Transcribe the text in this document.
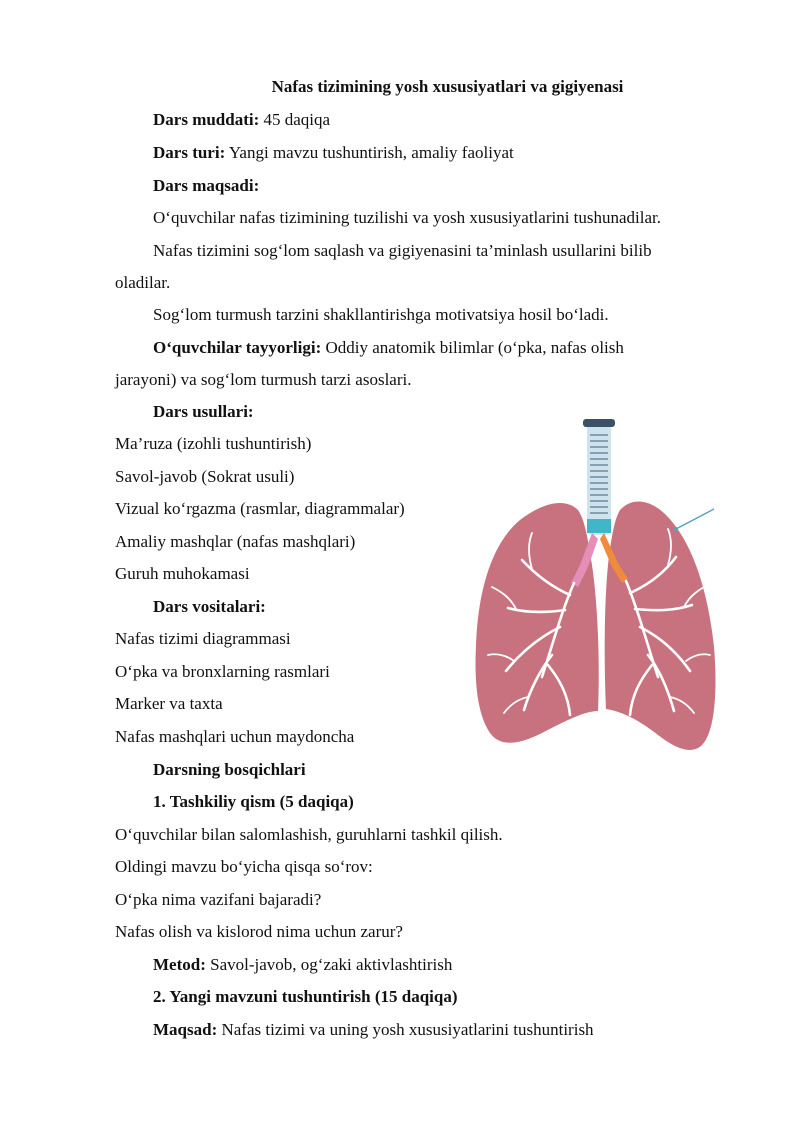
Nafas tizimining yosh xususiyatlari va gigiyenasi
Dars muddati: 45 daqiqa
Dars turi: Yangi mavzu tushuntirish, amaliy faoliyat
Dars maqsadi:
O‘quvchilar nafas tizimining tuzilishi va yosh xususiyatlarini tushunadilar.
Nafas tizimini sog‘lom saqlash va gigiyenasini ta’minlash usullarini bilib
oladilar.
Sog‘lom turmush tarzini shakllantirishga motivatsiya hosil bo‘ladi.
O‘quvchilar tayyorligi: Oddiy anatomik bilimlar (o‘pka, nafas olish
jarayoni) va sog‘lom turmush tarzi asoslari.
Dars usullari:
Ma’ruza (izohli tushuntirish)
Savol-javob (Sokrat usuli)
Vizual ko‘rgazma (rasmlar, diagrammalar)
Amaliy mashqlar (nafas mashqlari)
Guruh muhokamasi
Dars vositalari:
Nafas tizimi diagrammasi
O‘pka va bronxlarning rasmlari
Marker va taxta
Nafas mashqlari uchun maydoncha
Darsning bosqichlari
1. Tashkiliy qism (5 daqiqa)
O‘quvchilar bilan salomlashish, guruhlarni tashkil qilish.
Oldingi mavzu bo‘yicha qisqa so‘rov:
O‘pka nima vazifani bajaradi?
Nafas olish va kislorod nima uchun zarur?
Metod: Savol-javob, og‘zaki aktivlashtirish
2. Yangi mavzuni tushuntirish (15 daqiqa)
Maqsad: Nafas tizimi va uning yosh xususiyatlarini tushuntirish
